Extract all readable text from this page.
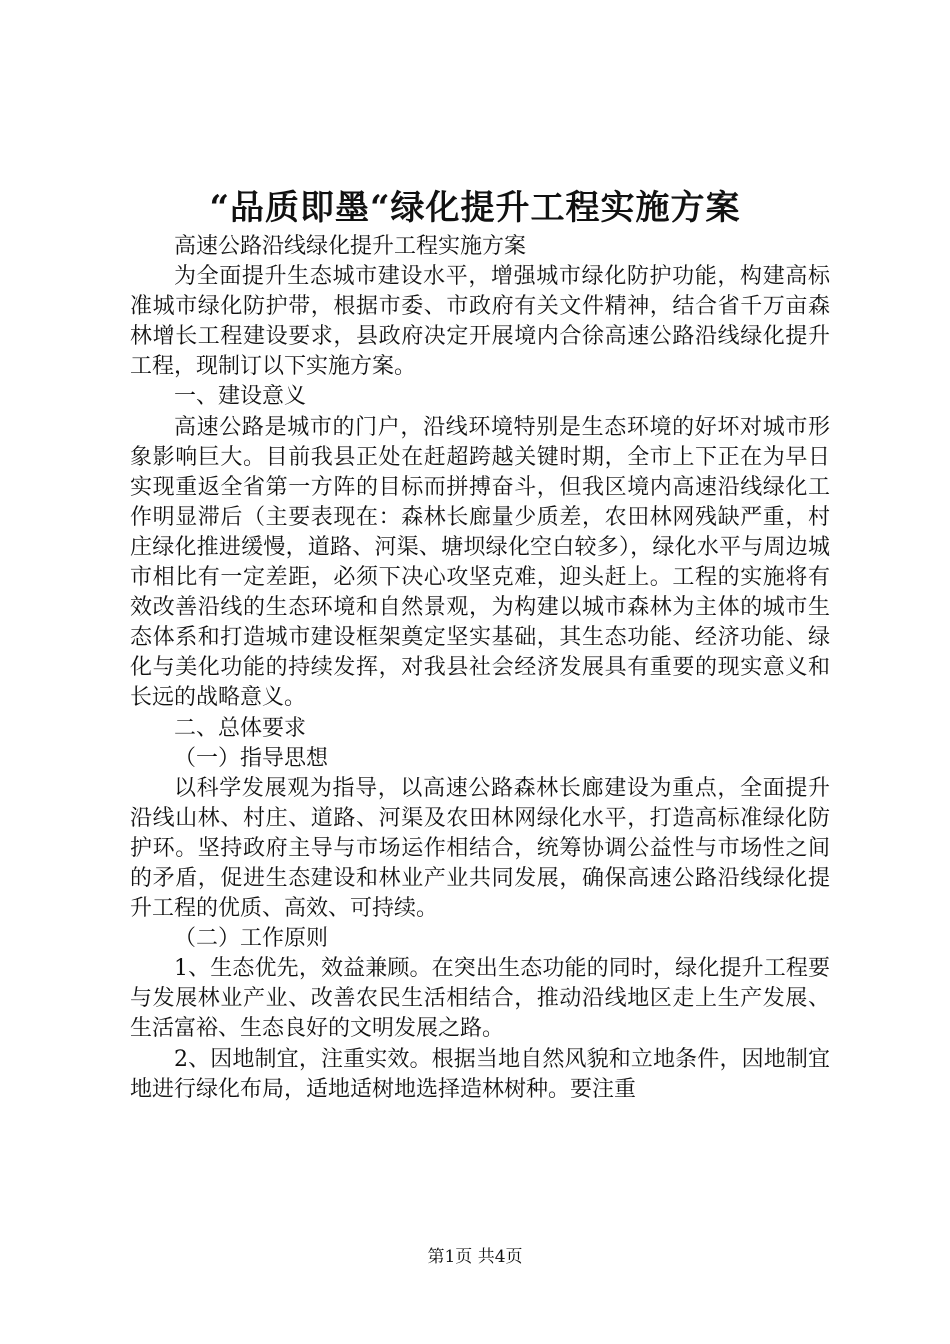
“品质即墨“绿化提升工程实施方案

高速公路沿线绿化提升工程实施方案

为全面提升生态城市建设水平，增强城市绿化防护功能，构建高标准城市绿化防护带，根据市委、市政府有关文件精神，结合省千万亩森林增长工程建设要求，县政府决定开展境内合徐高速公路沿线绿化提升工程，现制订以下实施方案。

一、建设意义

高速公路是城市的门户，沿线环境特别是生态环境的好坏对城市形象影响巨大。目前我县正处在赶超跨越关键时期，全市上下正在为早日实现重返全省第一方阵的目标而拼搏奋斗，但我区境内高速沿线绿化工作明显滞后（主要表现在：森林长廊量少质差，农田林网残缺严重，村庄绿化推进缓慢，道路、河渠、塘坝绿化空白较多），绿化水平与周边城市相比有一定差距，必须下决心攻坚克难，迎头赶上。工程的实施将有效改善沿线的生态环境和自然景观，为构建以城市森林为主体的城市生态体系和打造城市建设框架奠定坚实基础，其生态功能、经济功能、绿化与美化功能的持续发挥，对我县社会经济发展具有重要的现实意义和长远的战略意义。

二、总体要求

（一）指导思想

以科学发展观为指导，以高速公路森林长廊建设为重点，全面提升沿线山林、村庄、道路、河渠及农田林网绿化水平，打造高标准绿化防护环。坚持政府主导与市场运作相结合，统筹协调公益性与市场性之间的矛盾，促进生态建设和林业产业共同发展，确保高速公路沿线绿化提升工程的优质、高效、可持续。

（二）工作原则

1、生态优先，效益兼顾。在突出生态功能的同时，绿化提升工程要与发展林业产业、改善农民生活相结合，推动沿线地区走上生产发展、生活富裕、生态良好的文明发展之路。

2、因地制宜，注重实效。根据当地自然风貌和立地条件，因地制宜地进行绿化布局，适地适树地选择造林树种。要注重

第1页 共4页
